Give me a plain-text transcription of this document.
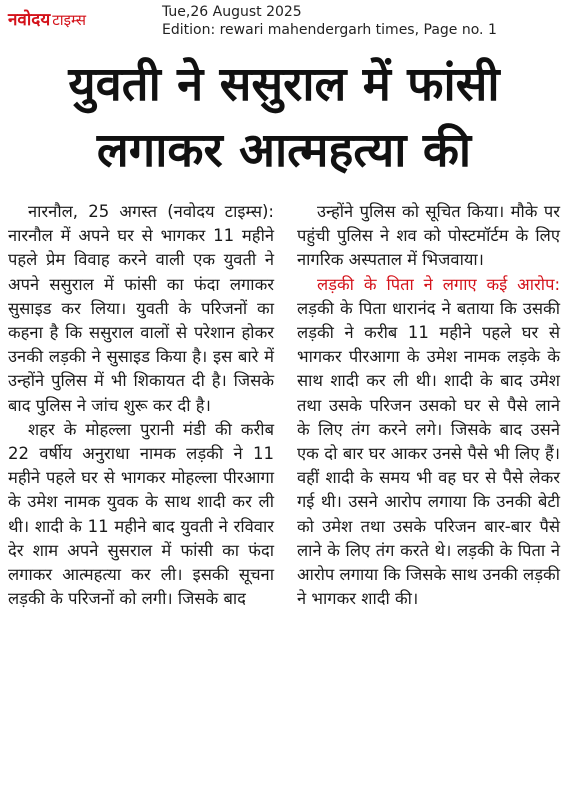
नवोदय टाइम्स	Tue,26 August 2025
Edition: rewari mahendergarh times, Page no. 1
युवती ने ससुराल में फांसी
लगाकर आत्महत्या की

नारनौल, 25 अगस्त (नवोदय टाइम्स): नारनौल में अपने घर से भागकर 11 महीने पहले प्रेम विवाह करने वाली एक युवती ने अपने ससुराल में फांसी का फंदा लगाकर सुसाइड कर लिया। युवती के परिजनों का कहना है कि ससुराल वालों से परेशान होकर उनकी लड़की ने सुसाइड किया है। इस बारे में उन्होंने पुलिस में भी शिकायत दी है। जिसके बाद पुलिस ने जांच शुरू कर दी है।

शहर के मोहल्ला पुरानी मंडी की करीब 22 वर्षीय अनुराधा नामक लड़की ने 11 महीने पहले घर से भागकर मोहल्ला पीरआगा के उमेश नामक युवक के साथ शादी कर ली थी। शादी के 11 महीने बाद युवती ने रविवार देर शाम अपने सुसराल में फांसी का फंदा लगाकर आत्महत्या कर ली। इसकी सूचना लड़की के परिजनों को लगी। जिसके बाद

उन्होंने पुलिस को सूचित किया। मौके पर पहुंची पुलिस ने शव को पोस्टमॉर्टम के लिए नागरिक अस्पताल में भिजवाया।

लड़की के पिता ने लगाए कई आरोप: लड़की के पिता धारानंद ने बताया कि उसकी लड़की ने करीब 11 महीने पहले घर से भागकर पीरआगा के उमेश नामक लड़के के साथ शादी कर ली थी। शादी के बाद उमेश तथा उसके परिजन उसको घर से पैसे लाने के लिए तंग करने लगे। जिसके बाद उसने एक दो बार घर आकर उनसे पैसे भी लिए हैं। वहीं शादी के समय भी वह घर से पैसे लेकर गई थी। उसने आरोप लगाया कि उनकी बेटी को उमेश तथा उसके परिजन बार-बार पैसे लाने के लिए तंग करते थे। लड़की के पिता ने आरोप लगाया कि जिसके साथ उनकी लड़की ने भागकर शादी की।
